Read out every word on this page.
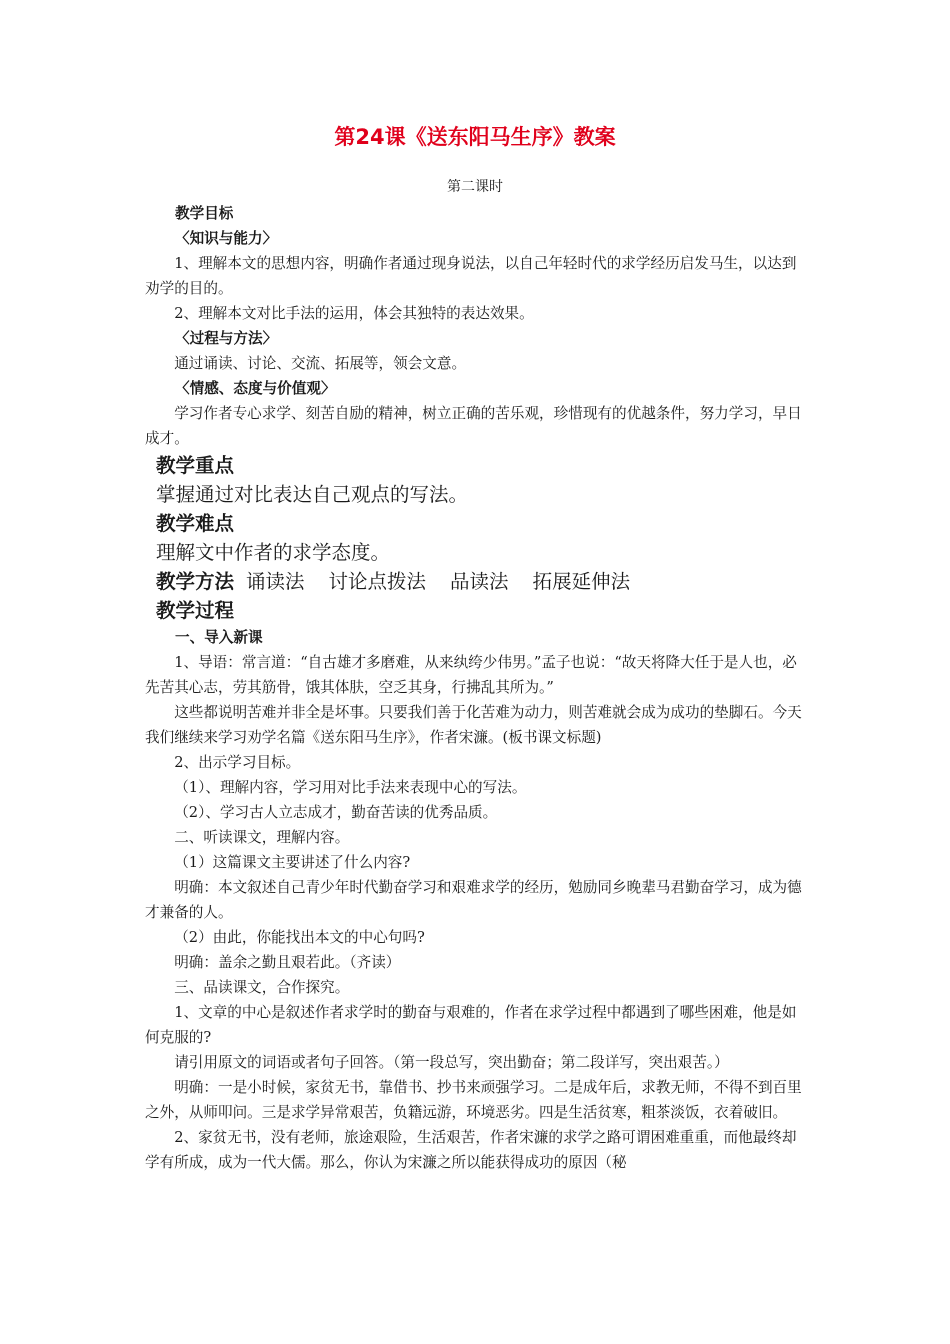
第24课《送东阳马生序》教案
第二课时

教学目标

〈知识与能力〉

1、理解本文的思想内容，明确作者通过现身说法，以自己年轻时代的求学经历启发马生，以达到劝学的目的。

2、理解本文对比手法的运用，体会其独特的表达效果。

〈过程与方法〉

通过诵读、讨论、交流、拓展等，领会文意。

〈情感、态度与价值观〉

学习作者专心求学、刻苦自励的精神，树立正确的苦乐观，珍惜现有的优越条件，努力学习，早日成才。

教学重点

掌握通过对比表达自己观点的写法。

教学难点

理解文中作者的求学态度。

教学方法 诵读法 讨论点拨法 品读法 拓展延伸法

教学过程

一、导入新课

1、导语：常言道：“自古雄才多磨难，从来纨绔少伟男。”孟子也说：“故天将降大任于是人也，必先苦其心志，劳其筋骨，饿其体肤，空乏其身，行拂乱其所为。”

这些都说明苦难并非全是坏事。只要我们善于化苦难为动力，则苦难就会成为成功的垫脚石。今天我们继续来学习劝学名篇《送东阳马生序》，作者宋濂。(板书课文标题)

2、出示学习目标。

（1）、理解内容，学习用对比手法来表现中心的写法。

（2）、学习古人立志成才，勤奋苦读的优秀品质。

二、听读课文，理解内容。

（1）这篇课文主要讲述了什么内容?

明确：本文叙述自己青少年时代勤奋学习和艰难求学的经历，勉励同乡晚辈马君勤奋学习，成为德才兼备的人。

（2）由此，你能找出本文的中心句吗?

明确：盖余之勤且艰若此。（齐读）

三、品读课文，合作探究。

1、文章的中心是叙述作者求学时的勤奋与艰难的，作者在求学过程中都遇到了哪些困难，他是如何克服的?

请引用原文的词语或者句子回答。（第一段总写，突出勤奋；第二段详写，突出艰苦。）

明确：一是小时候，家贫无书，靠借书、抄书来顽强学习。二是成年后，求教无师，不得不到百里之外，从师叩问。三是求学异常艰苦，负籍远游，环境恶劣。四是生活贫寒，粗茶淡饭，衣着破旧。

2、家贫无书，没有老师，旅途艰险，生活艰苦，作者宋濂的求学之路可谓困难重重，而他最终却学有所成，成为一代大儒。那么，你认为宋濂之所以能获得成功的原因（秘
